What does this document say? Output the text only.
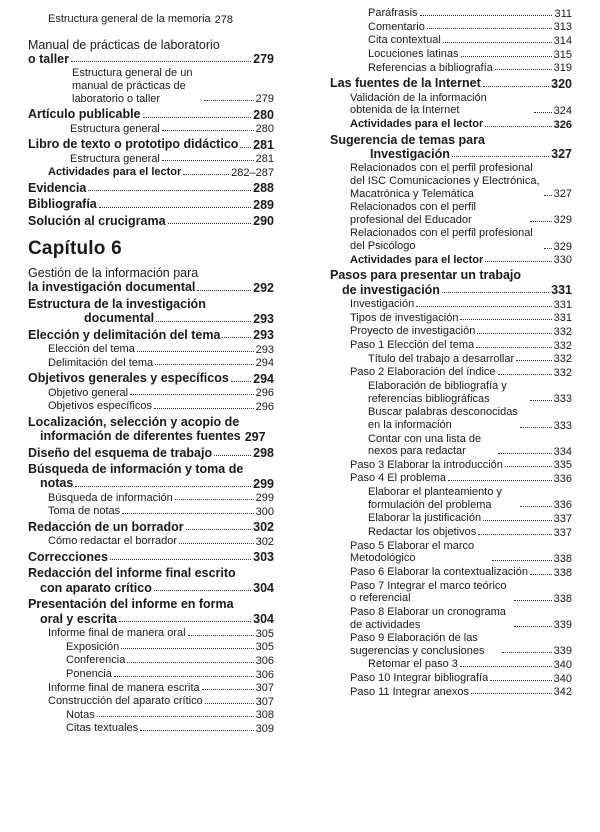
Estructura general de la memoria 278
Manual de prácticas de laboratorio
o taller	279
Estructura general de un manual de prácticas de laboratorio o taller	279
Artículo publicable	280
Estructura general	280
Libro de texto o prototipo didáctico 281
Estructura general	281
Actividades para el lector	282–287
Evidencia	288
Bibliografía	289
Solución al crucigrama	290
Capítulo 6
Gestión de la información para
la investigación documental	292
Estructura de la investigación
documental	293
Elección y delimitación del tema	293
Elección del tema	293
Delimitación del tema	294
Objetivos generales y específicos 294
Objetivo general	296
Objetivos específicos	296
Localización, selección y acopio de
información de diferentes fuentes 297
Diseño del esquema de trabajo	298
Búsqueda de información y toma de
notas	299
Búsqueda de información	299
Toma de notas	300
Redacción de un borrador	302
Cómo redactar el borrador	302
Correcciones	303
Redacción del informe final escrito
con aparato crítico	304
Presentación del informe en forma
oral y escrita	304
Informe final de manera oral	305
Exposición	305
Conferencia	306
Ponencia	306
Informe final de manera escrita	307
Construcción del aparato crítico	307
Notas	308
Citas textuales	309
Paráfrasis	311
Comentario	313
Cita contextual	314
Locuciones latinas	315
Referencias a bibliografía	319
Las fuentes de la Internet	320
Validación de la información obtenida de la Internet	324
Actividades para el lector	326
Sugerencia de temas para
Investigación	327
Relacionados con el perfil profesional del ISC Comunicaciones y Electrónica, Macatrónica y Telemática	327
Relacionados con el perfil profesional del Educador	329
Relacionados con el perfil profesional del Psicólogo	329
Actividades para el lector	330
Pasos para presentar un trabajo
de investigación	331
Investigación	331
Tipos de investigación	331
Proyecto de investigación	332
Paso 1 Elección del tema	332
Título del trabajo a desarrollar	332
Paso 2 Elaboración del índice	332
Elaboración de bibliografía y referencias bibliográficas	333
Buscar palabras desconocidas en la información	333
Contar con una lista de nexos para redactar	334
Paso 3 Elaborar la introducción	335
Paso 4 El problema	336
Elaborar el planteamiento y formulación del problema	336
Elaborar la justificación	337
Redactar los objetivos	337
Paso 5 Elaborar el marco Metodológico	338
Paso 6 Elaborar la contextualización 338
Paso 7 Integrar el marco teórico o referencial	338
Paso 8 Elaborar un cronograma de actividades	339
Paso 9 Elaboración de las sugerencias y conclusiones	339
Retomar el paso 3	340
Paso 10 Integrar bibliografía	340
Paso 11 Integrar anexos	342
